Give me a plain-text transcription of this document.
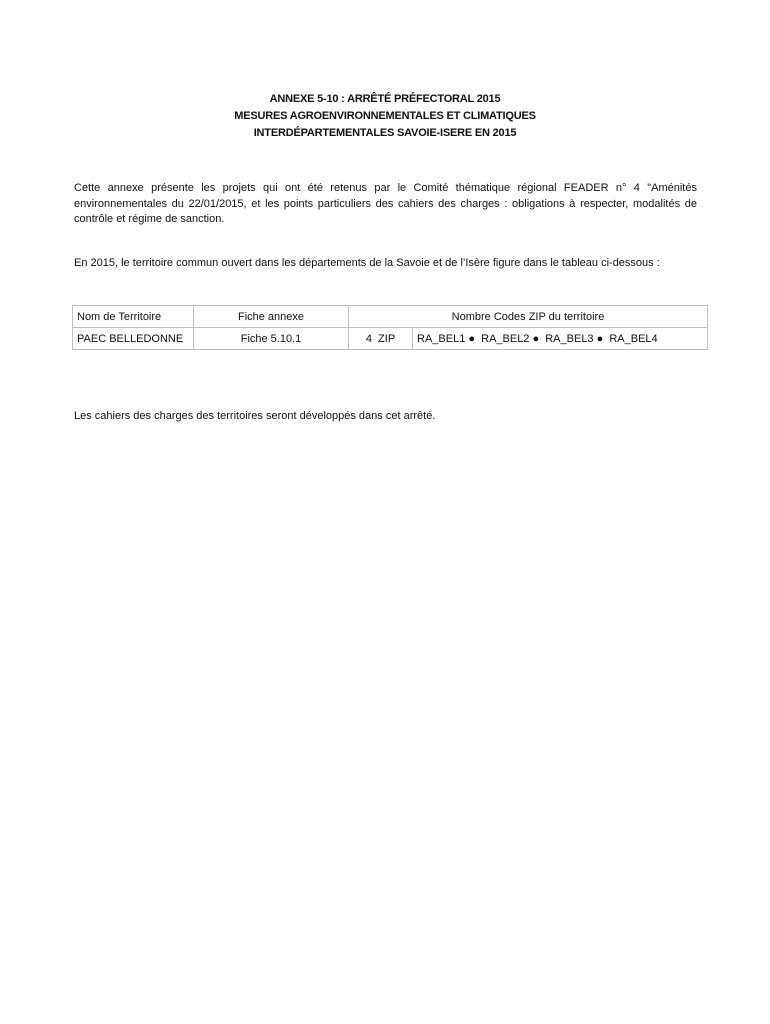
ANNEXE 5-10 : ARRÊTÉ PRÉFECTORAL 2015
MESURES AGROENVIRONNEMENTALES ET CLIMATIQUES
INTERDÉPARTEMENTALES SAVOIE-ISERE EN 2015

Cette annexe présente les projets qui ont été retenus par le Comité thématique régional FEADER n° 4 "Aménités environnementales du 22/01/2015, et les points particuliers des cahiers des charges : obligations à respecter, modalités de contrôle et régime de sanction.

En 2015, le territoire commun ouvert dans les départements de la Savoie et de l’Isère figure dans le tableau ci-dessous :

Nom de Territoire	Fiche annexe	Nombre Codes ZIP du territoire	
PAEC BELLEDONNE	Fiche 5.10.1	4  ZIP	RA_BEL1 ●  RA_BEL2 ●  RA_BEL3 ●  RA_BEL4

Les cahiers des charges des territoires seront développés dans cet arrêté.
